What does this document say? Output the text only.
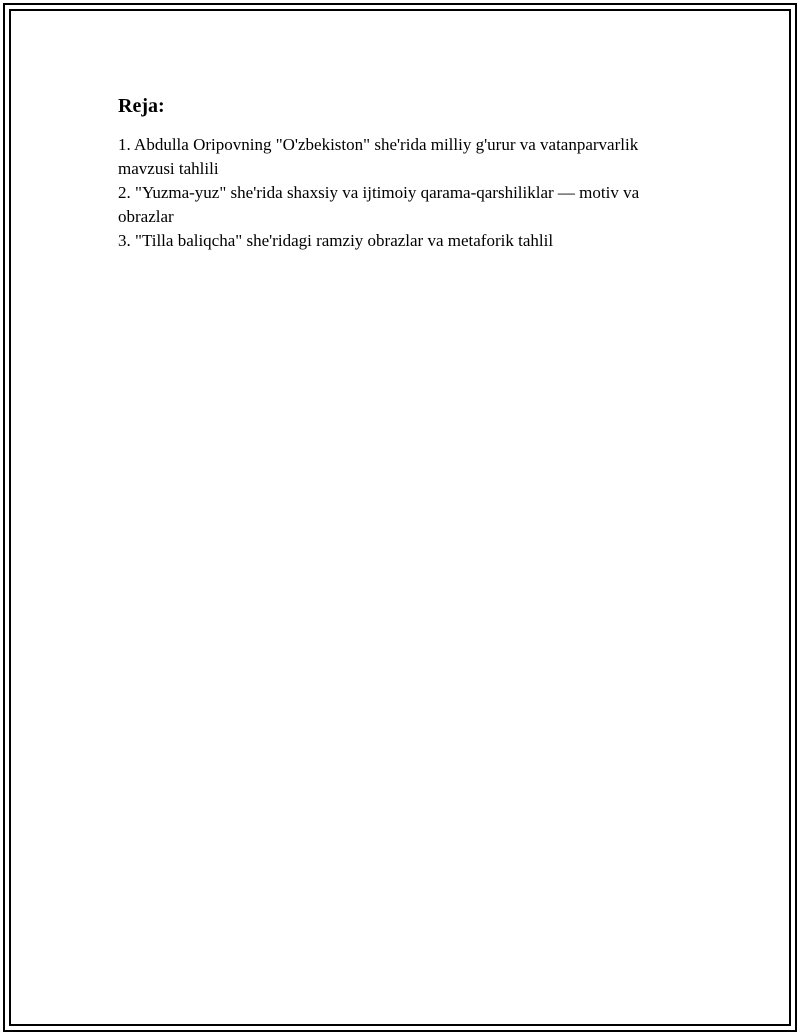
Reja:

1. Abdulla Oripovning "O'zbekiston" she'rida milliy g'urur va vatanparvarlik mavzusi tahlili

2. "Yuzma-yuz" she'rida shaxsiy va ijtimoiy qarama-qarshiliklar — motiv va obrazlar

3. "Tilla baliqcha" she'ridagi ramziy obrazlar va metaforik tahlil
